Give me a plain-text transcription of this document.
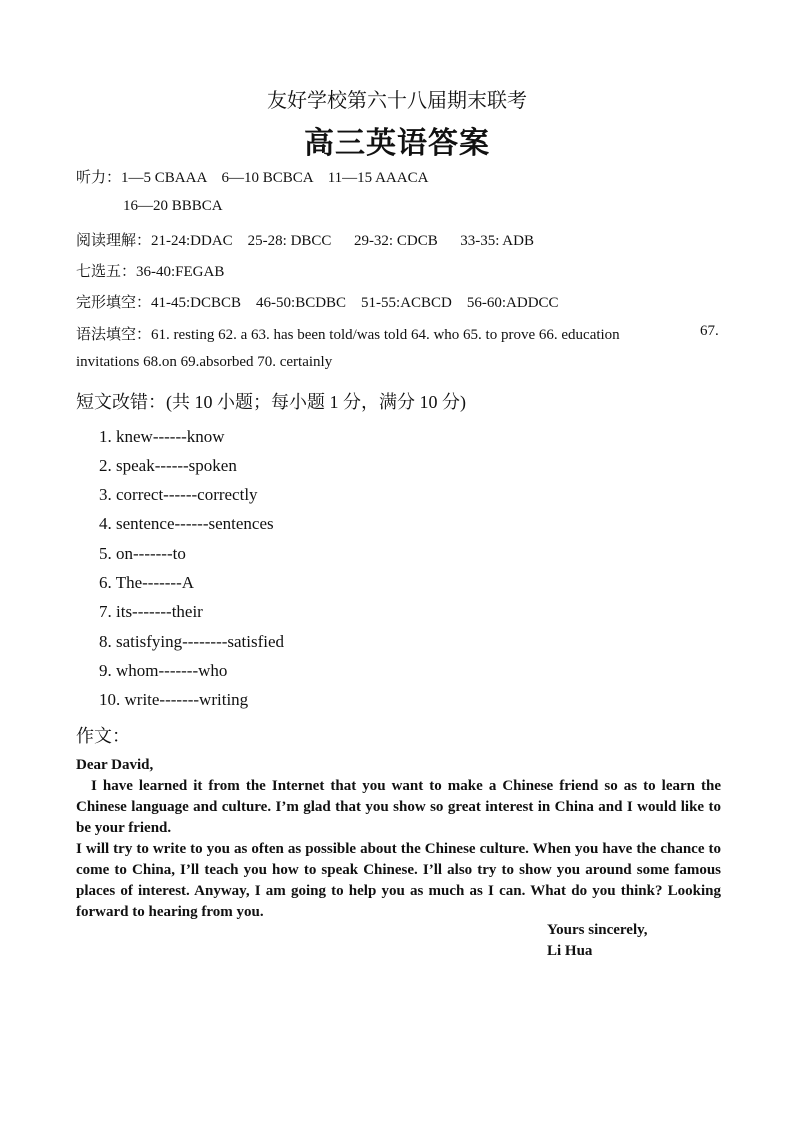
友好学校第六十八届期末联考
高三英语答案
听力：1—5 CBAAA    6—10 BCBCA    11—15 AAACA
16—20 BBBCA
阅读理解：21-24:DDAC    25-28: DBCC      29-32: CDCB      33-35: ADB
七选五：36-40:FEGAB
完形填空：41-45:DCBCB    46-50:BCDBC    51-55:ACBCD    56-60:ADDCC
语法填空：61. resting 62. a 63. has been told/was told 64. who 65. to prove 66. education	67.
invitations 68.on 69.absorbed 70. certainly
短文改错：(共 10 小题；每小题 1 分，满分 10 分)
1. knew------know
2. speak------spoken
3. correct------correctly
4. sentence------sentences
5. on-------to
6. The-------A
7. its-------their
8. satisfying--------satisfied
9. whom-------who
10. write-------writing
作文：

Dear David,

I have learned it from the Internet that you want to make a Chinese friend so as to learn the Chinese language and culture. I’m glad that you show so great interest in China and I would like to be your friend.

I will try to write to you as often as possible about the Chinese culture. When you have the chance to come to China, I’ll teach you how to speak Chinese. I’ll also try to show you around some famous places of interest. Anyway, I am going to help you as much as I can. What do you think? Looking forward to hearing from you.

Yours sincerely,
Li Hua
